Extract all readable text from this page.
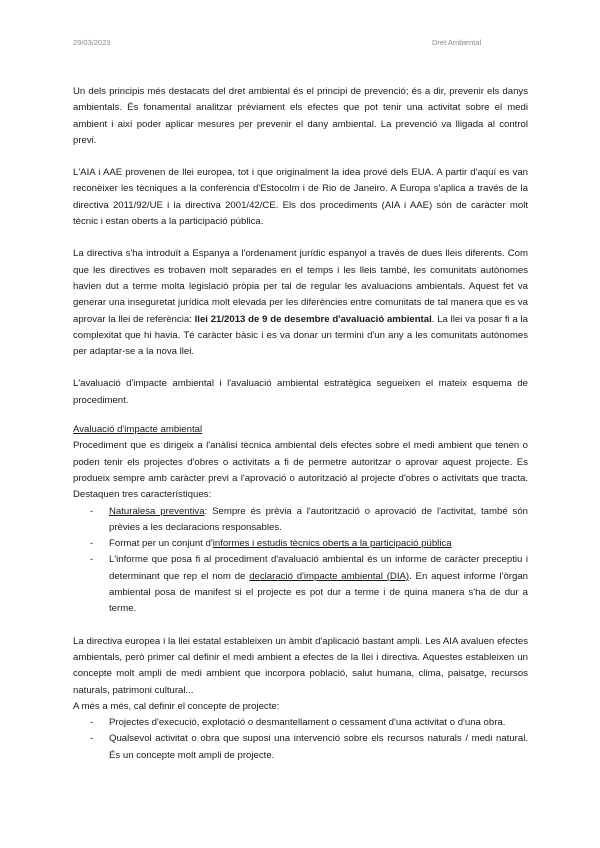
29/03/2023	Dret Ambiental

Un dels principis més destacats del dret ambiental és el principi de prevenció; és a dir, prevenir els danys ambientals. És fonamental analitzar prèviament els efectes que pot tenir una activitat sobre el medi ambient i així poder aplicar mesures per prevenir el dany ambiental. La prevenció va lligada al control previ.

L'AIA i AAE provenen de llei europea, tot i que originalment la idea prové dels EUA. A partir d'aquí es van reconèixer les tècniques a la conferència d'Estocolm i de Rio de Janeiro. A Europa s'aplica a través de la directiva 2011/92/UE i la directiva 2001/42/CE. Els dos procediments (AIA i AAE) són de caràcter molt tècnic i estan oberts a la participació pública.

La directiva s'ha introduït a Espanya a l'ordenament jurídic espanyol a través de dues lleis diferents. Com que les directives es trobaven molt separades en el temps i les lleis també, les comunitats autònomes havien dut a terme molta legislació pròpia per tal de regular les avaluacions ambientals. Aquest fet va generar una inseguretat jurídica molt elevada per les diferències entre comunitats de tal manera que es va aprovar la llei de referència: llei 21/2013 de 9 de desembre d'avaluació ambiental. La llei va posar fi a la complexitat que hi havia. Té caràcter bàsic i es va donar un termini d'un any a les comunitats autònomes per adaptar-se a la nova llei.

L'avaluació d'impacte ambiental i l'avaluació ambiental estratègica segueixen el mateix esquema de procediment.

Avaluació d'impacte ambiental

Procediment que es dirigeix a l'anàlisi tècnica ambiental dels efectes sobre el medi ambient que tenen o poden tenir els projectes d'obres o activitats a fi de permetre autoritzar o aprovar aquest projecte. Es produeix sempre amb caràcter previ a l'aprovació o autorització al projecte d'obres o activitats que tracta. Destaquen tres característiques:

- Naturalesa preventiva: Sempre és prèvia a l'autorització o aprovació de l'activitat, també són prèvies a les declaracions responsables.
- Format per un conjunt d'informes i estudis tècnics oberts a la participació pública
- L'informe que posa fi al procediment d'avaluació ambiental és un informe de caràcter preceptiu i determinant que rep el nom de declaració d'impacte ambiental (DIA). En aquest informe l'òrgan ambiental posa de manifest si el projecte es pot dur a terme i de quina manera s'ha de dur a terme.

La directiva europea i la llei estatal estableixen un àmbit d'aplicació bastant ampli. Les AIA avaluen efectes ambientals, però primer cal definir el medi ambient a efectes de la llei i directiva. Aquestes estableixen un concepte molt ampli de medi ambient que incorpora població, salut humana, clima, paisatge, recursos naturals, patrimoni cultural...

A més a més, cal definir el concepte de projecte:

- Projectes d'execució, explotació o desmantellament o cessament d'una activitat o d'una obra.
- Qualsevol activitat o obra que suposi una intervenció sobre els recursos naturals / medi natural. És un concepte molt ampli de projecte.
